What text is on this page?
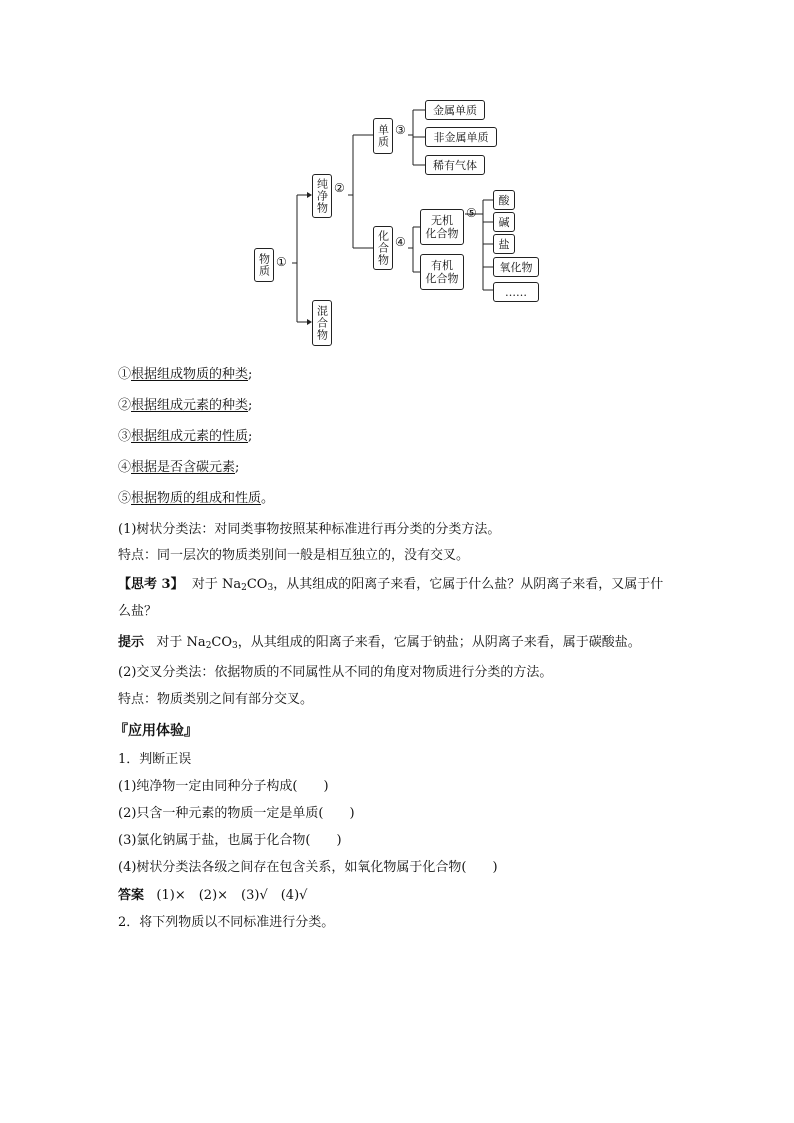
物质 ①
纯净物 ②
混合物
单质 ③
化合物 ④
金属单质
非金属单质
稀有气体
无机
化合物
⑤
有机
化合物
酸
碱
盐
氧化物
……
①根据组成物质的种类;
②根据组成元素的种类;
③根据组成元素的性质;
④根据是否含碳元素;
⑤根据物质的组成和性质。
(1)树状分类法：对同类事物按照某种标准进行再分类的分类方法。
特点：同一层次的物质类别间一般是相互独立的，没有交叉。
【思考 3】 对于 $Na_2CO_3$，从其组成的阳离子来看，它属于什么盐？从阴离子来看，又属于什
么盐？
提示 对于 $Na_2CO_3$，从其组成的阳离子来看，它属于钠盐；从阴离子来看，属于碳酸盐。
(2)交叉分类法：依据物质的不同属性从不同的角度对物质进行分类的方法。
特点：物质类别之间有部分交叉。
『应用体验』
1．判断正误
(1)纯净物一定由同种分子构成(　　)
(2)只含一种元素的物质一定是单质(　　)
(3)氯化钠属于盐，也属于化合物(　　)
(4)树状分类法各级之间存在包含关系，如氧化物属于化合物(　　)
答案 (1)×　(2)×　(3)√　(4)√
2．将下列物质以不同标准进行分类。
